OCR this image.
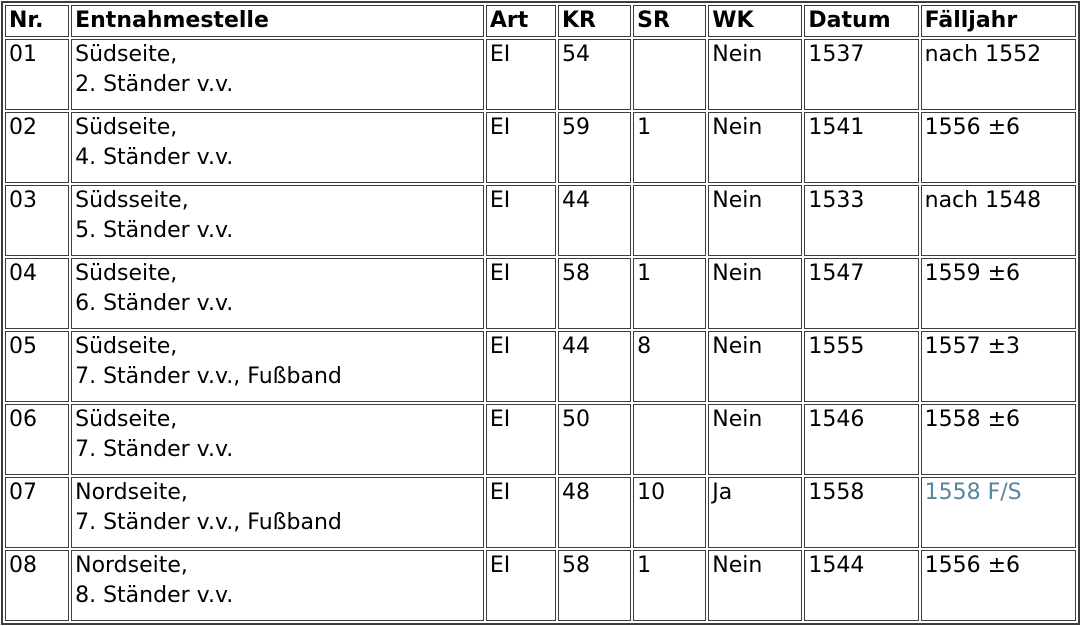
Nr.	Entnahmestelle	Art	KR	SR	WK	Datum	Fälljahr
01	Südseite,
2. Ständer v.v.	EI	54		Nein	1537	nach 1552
02	Südseite,
4. Ständer v.v.	EI	59	1	Nein	1541	1556 ±6
03	Südsseite,
5. Ständer v.v.	EI	44		Nein	1533	nach 1548
04	Südseite,
6. Ständer v.v.	EI	58	1	Nein	1547	1559 ±6
05	Südseite,
7. Ständer v.v., Fußband	EI	44	8	Nein	1555	1557 ±3
06	Südseite,
7. Ständer v.v.	EI	50		Nein	1546	1558 ±6
07	Nordseite,
7. Ständer v.v., Fußband	EI	48	10	Ja	1558	1558 F/S
08	Nordseite,
8. Ständer v.v.	EI	58	1	Nein	1544	1556 ±6
